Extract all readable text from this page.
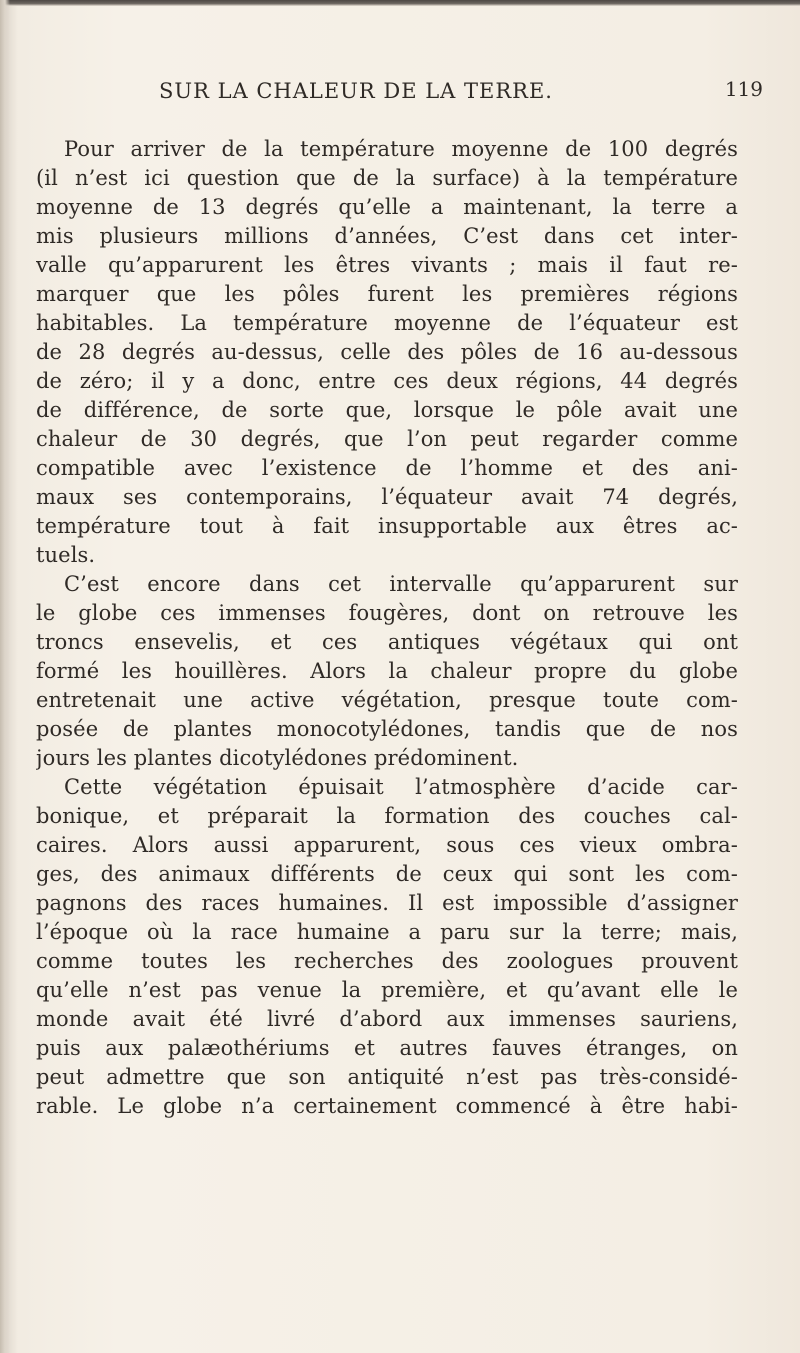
SUR LA CHALEUR DE LA TERRE.	119
Pour arriver de la température moyenne de 100 degrés
(il n’est ici question que de la surface) à la température
moyenne de 13 degrés qu’elle a maintenant, la terre a
mis plusieurs millions d’années, C’est dans cet inter-
valle qu’apparurent les êtres vivants ; mais il faut re-
marquer que les pôles furent les premières régions
habitables. La température moyenne de l’équateur est
de 28 degrés au-dessus, celle des pôles de 16 au-dessous
de zéro; il y a donc, entre ces deux régions, 44 degrés
de différence, de sorte que, lorsque le pôle avait une
chaleur de 30 degrés, que l’on peut regarder comme
compatible avec l’existence de l’homme et des ani-
maux ses contemporains, l’équateur avait 74 degrés,
température tout à fait insupportable aux êtres ac-
tuels.
C’est encore dans cet intervalle qu’apparurent sur
le globe ces immenses fougères, dont on retrouve les
troncs ensevelis, et ces antiques végétaux qui ont
formé les houillères. Alors la chaleur propre du globe
entretenait une active végétation, presque toute com-
posée de plantes monocotylédones, tandis que de nos
jours les plantes dicotylédones prédominent.
Cette végétation épuisait l’atmosphère d’acide car-
bonique, et préparait la formation des couches cal-
caires. Alors aussi apparurent, sous ces vieux ombra-
ges, des animaux différents de ceux qui sont les com-
pagnons des races humaines. Il est impossible d’assigner
l’époque où la race humaine a paru sur la terre; mais,
comme toutes les recherches des zoologues prouvent
qu’elle n’est pas venue la première, et qu’avant elle le
monde avait été livré d’abord aux immenses sauriens,
puis aux palæothériums et autres fauves étranges, on
peut admettre que son antiquité n’est pas très-considé-
rable. Le globe n’a certainement commencé à être habi-
